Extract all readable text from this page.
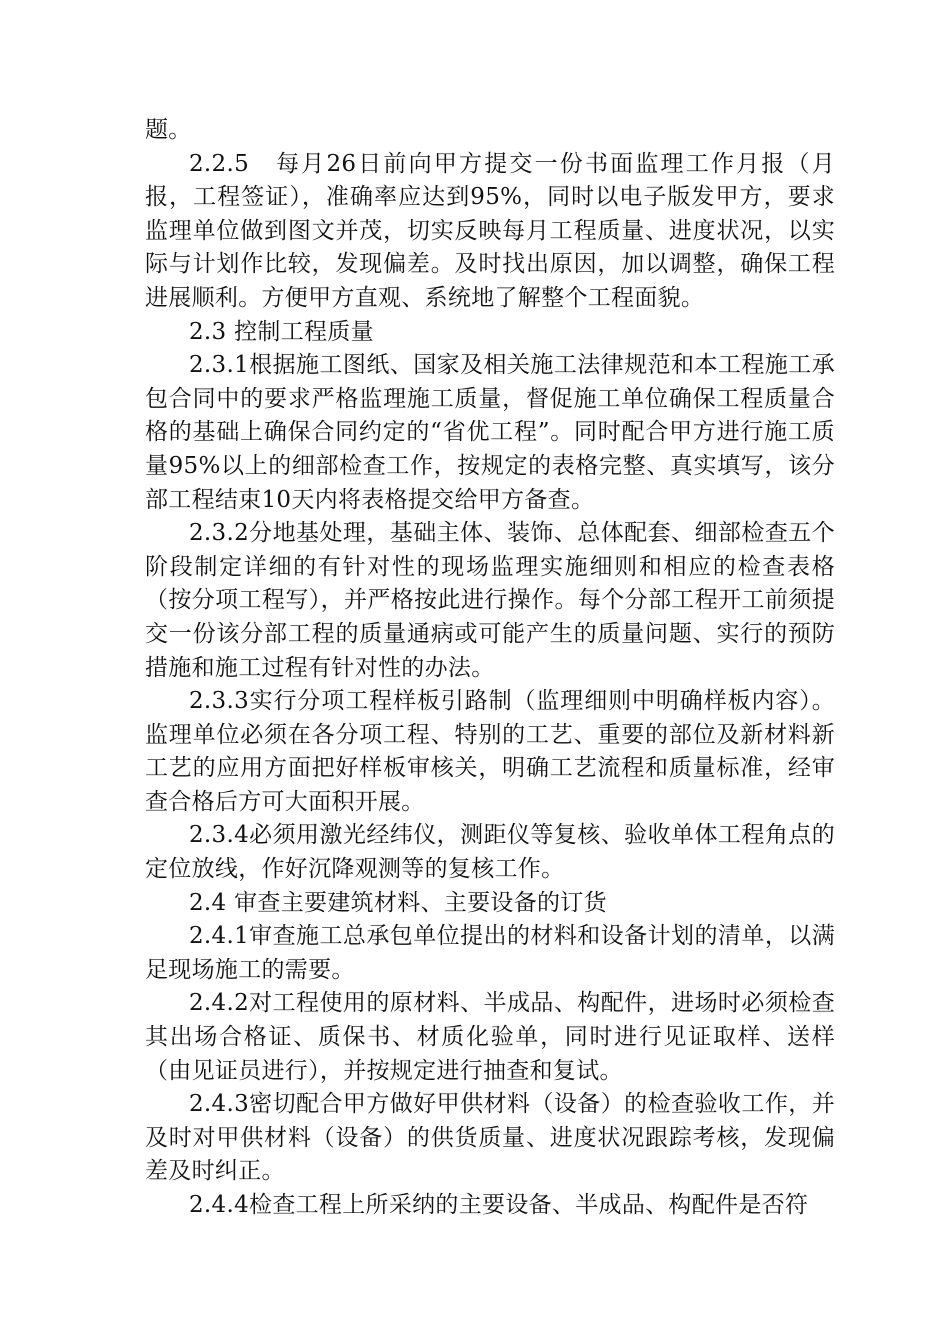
题。

2.2.5　每月26日前向甲方提交一份书面监理工作月报（月报，工程签证），准确率应达到95%，同时以电子版发甲方，要求监理单位做到图文并茂，切实反映每月工程质量、进度状况，以实际与计划作比较，发现偏差。及时找出原因，加以调整，确保工程进展顺利。方便甲方直观、系统地了解整个工程面貌。

2.3 控制工程质量

2.3.1根据施工图纸、国家及相关施工法律规范和本工程施工承包合同中的要求严格监理施工质量，督促施工单位确保工程质量合格的基础上确保合同约定的“省优工程”。同时配合甲方进行施工质量95%以上的细部检查工作，按规定的表格完整、真实填写，该分部工程结束10天内将表格提交给甲方备查。

2.3.2分地基处理，基础主体、装饰、总体配套、细部检查五个阶段制定详细的有针对性的现场监理实施细则和相应的检查表格（按分项工程写），并严格按此进行操作。每个分部工程开工前须提交一份该分部工程的质量通病或可能产生的质量问题、实行的预防措施和施工过程有针对性的办法。

2.3.3实行分项工程样板引路制（监理细则中明确样板内容）。监理单位必须在各分项工程、特别的工艺、重要的部位及新材料新工艺的应用方面把好样板审核关，明确工艺流程和质量标准，经审查合格后方可大面积开展。

2.3.4必须用激光经纬仪，测距仪等复核、验收单体工程角点的定位放线，作好沉降观测等的复核工作。

2.4 审查主要建筑材料、主要设备的订货

2.4.1审查施工总承包单位提出的材料和设备计划的清单，以满足现场施工的需要。

2.4.2对工程使用的原材料、半成品、构配件，进场时必须检查其出场合格证、质保书、材质化验单，同时进行见证取样、送样（由见证员进行），并按规定进行抽查和复试。

2.4.3密切配合甲方做好甲供材料（设备）的检查验收工作，并及时对甲供材料（设备）的供货质量、进度状况跟踪考核，发现偏差及时纠正。

2.4.4检查工程上所采纳的主要设备、半成品、构配件是否符
